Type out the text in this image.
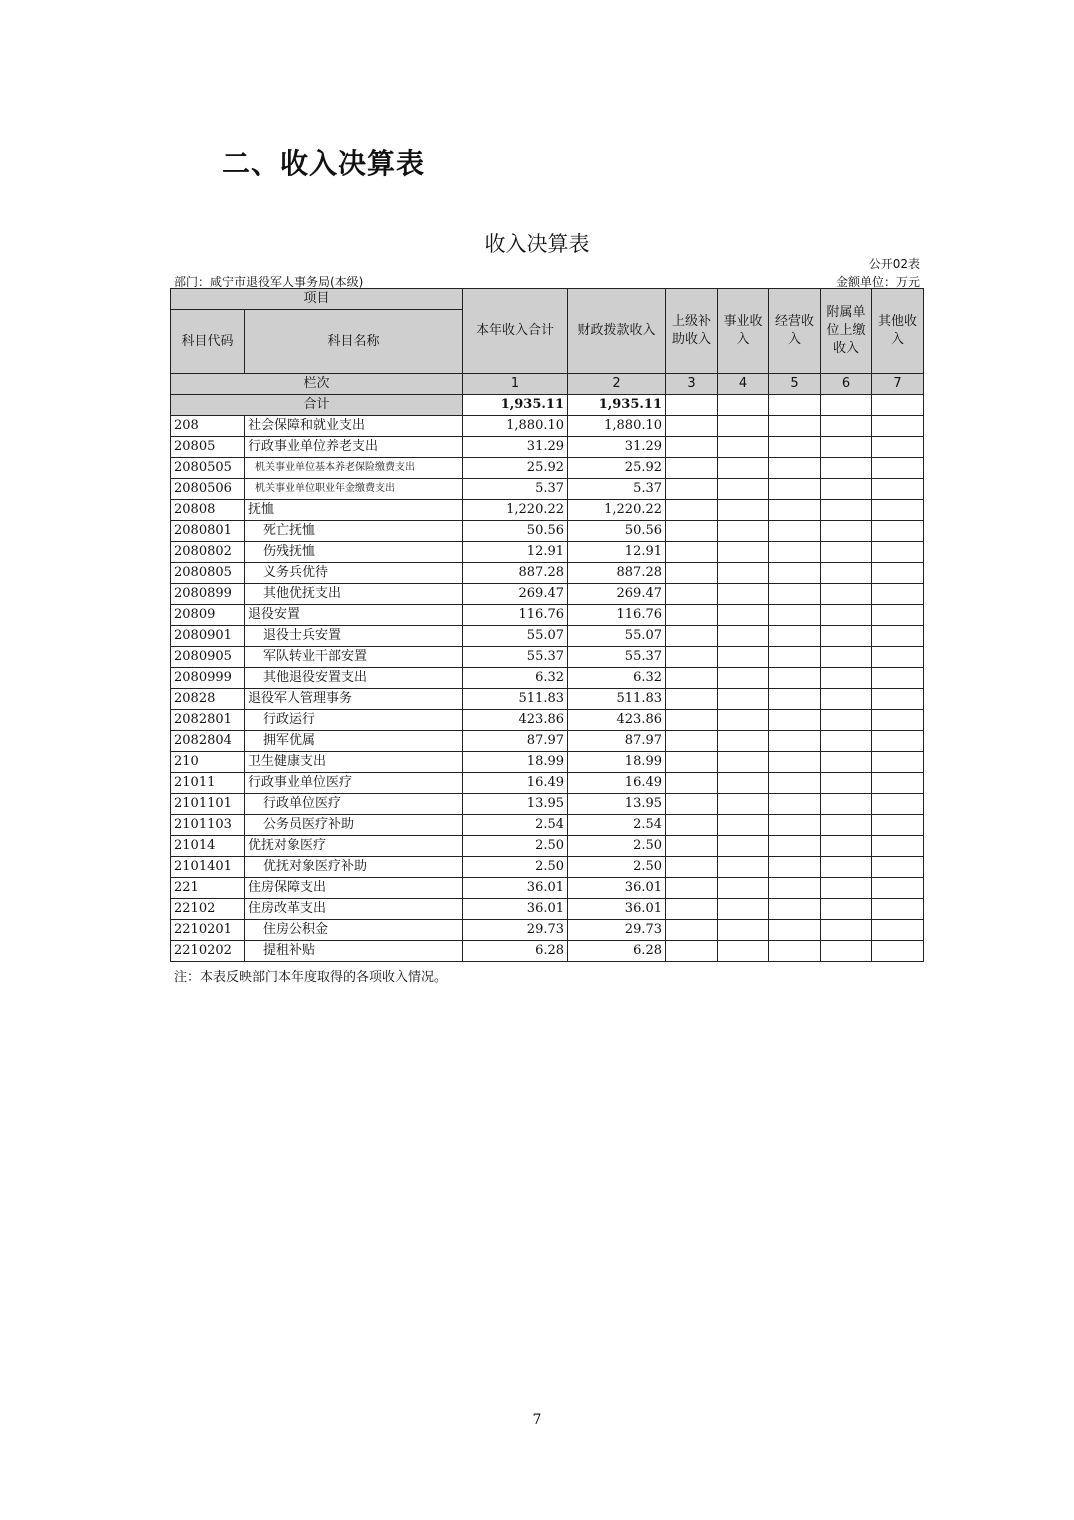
二、收入决算表
收入决算表
公开02表
部门：咸宁市退役军人事务局(本级)	金额单位：万元
项目		本年收入合计	财政拨款收入	上级补助收入	事业收入	经营收入	附属单位上缴收入	其他收入
科目代码	科目名称							
栏次		1	2	3	4	5	6	7
合计		1,935.11	1,935.11					
208	社会保障和就业支出	1,880.10	1,880.10					
20805	行政事业单位养老支出	31.29	31.29					
2080505	机关事业单位基本养老保险缴费支出	25.92	25.92					
2080506	机关事业单位职业年金缴费支出	5.37	5.37					
20808	抚恤	1,220.22	1,220.22					
2080801	死亡抚恤	50.56	50.56					
2080802	伤残抚恤	12.91	12.91					
2080805	义务兵优待	887.28	887.28					
2080899	其他优抚支出	269.47	269.47					
20809	退役安置	116.76	116.76					
2080901	退役士兵安置	55.07	55.07					
2080905	军队转业干部安置	55.37	55.37					
2080999	其他退役安置支出	6.32	6.32					
20828	退役军人管理事务	511.83	511.83					
2082801	行政运行	423.86	423.86					
2082804	拥军优属	87.97	87.97					
210	卫生健康支出	18.99	18.99					
21011	行政事业单位医疗	16.49	16.49					
2101101	行政单位医疗	13.95	13.95					
2101103	公务员医疗补助	2.54	2.54					
21014	优抚对象医疗	2.50	2.50					
2101401	优抚对象医疗补助	2.50	2.50					
221	住房保障支出	36.01	36.01					
22102	住房改革支出	36.01	36.01					
2210201	住房公积金	29.73	29.73					
2210202	提租补贴	6.28	6.28					
注：本表反映部门本年度取得的各项收入情况。
7
